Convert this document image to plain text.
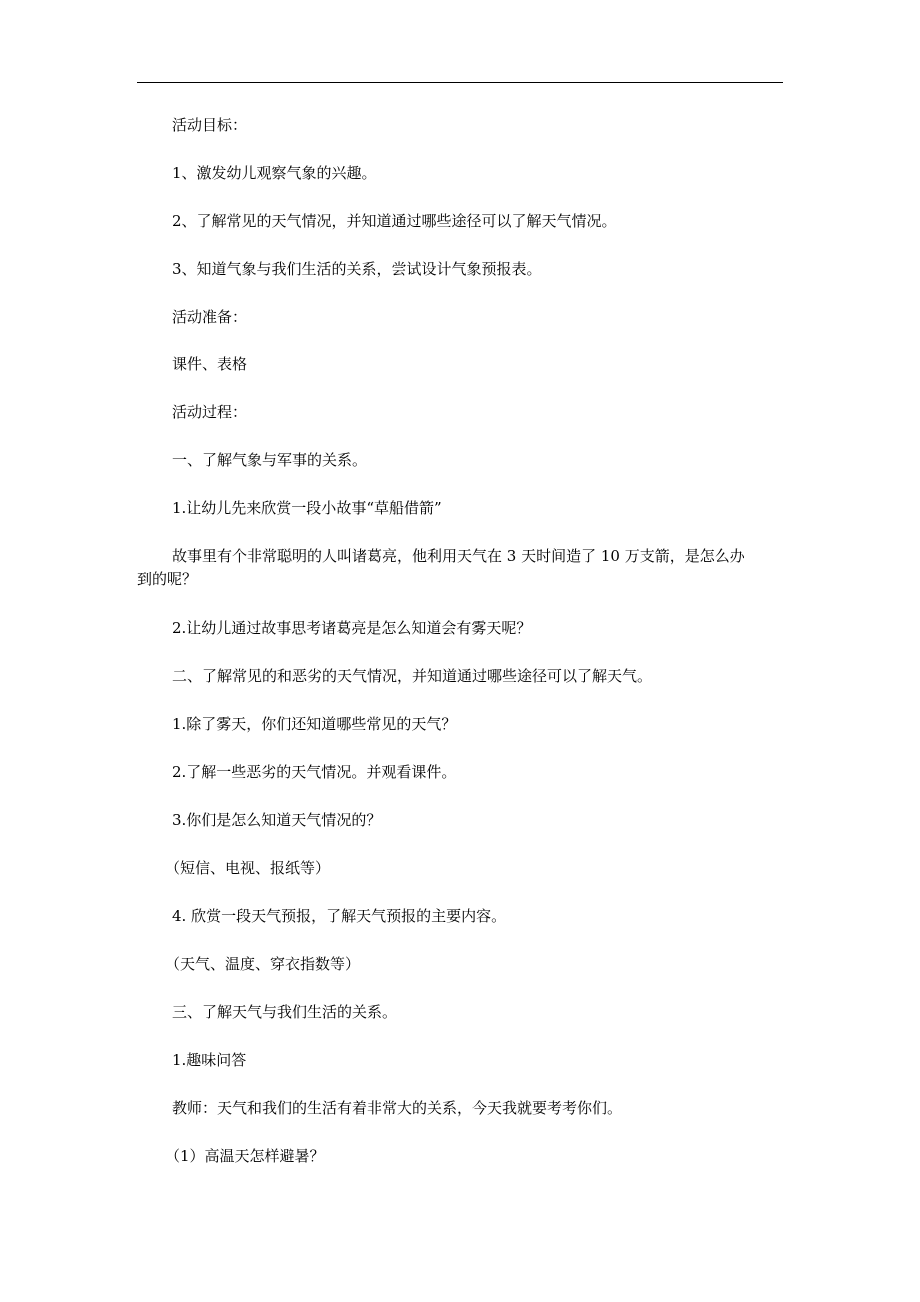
活动目标：
1、激发幼儿观察气象的兴趣。
2、了解常见的天气情况，并知道通过哪些途径可以了解天气情况。
3、知道气象与我们生活的关系，尝试设计气象预报表。
活动准备：
课件、表格
活动过程：
一、了解气象与军事的关系。
1.让幼儿先来欣赏一段小故事“草船借箭”
故事里有个非常聪明的人叫诸葛亮，他利用天气在 3 天时间造了 10 万支箭，是怎么办
到的呢？
2.让幼儿通过故事思考诸葛亮是怎么知道会有雾天呢？
二、了解常见的和恶劣的天气情况，并知道通过哪些途径可以了解天气。
1.除了雾天，你们还知道哪些常见的天气？
2.了解一些恶劣的天气情况。并观看课件。
3.你们是怎么知道天气情况的？
（短信、电视、报纸等）
4. 欣赏一段天气预报，了解天气预报的主要内容。
（天气、温度、穿衣指数等）
三、了解天气与我们生活的关系。
1.趣味问答
教师：天气和我们的生活有着非常大的关系，今天我就要考考你们。
（1）高温天怎样避暑？
